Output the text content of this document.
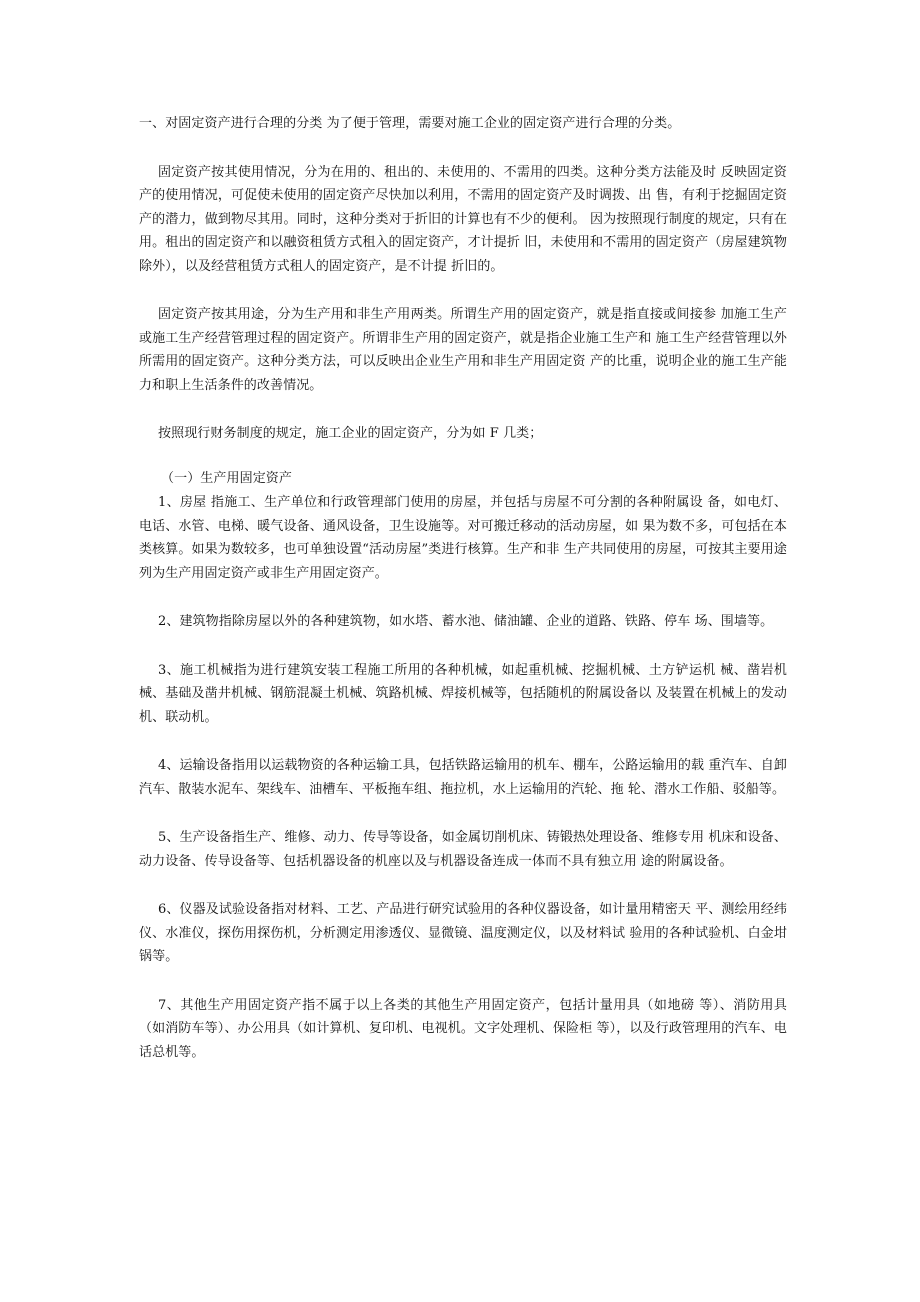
一、对固定资产进行合理的分类 为了便于管理，需要对施工企业的固定资产进行合理的分类。

固定资产按其使用情况，分为在用的、租出的、未使用的、不需用的四类。这种分类方法能及时 反映固定资产的使用情况，可促使未使用的固定资产尽快加以利用，不需用的固定资产及时调拨、出 售，有利于挖掘固定资产的潜力，做到物尽其用。同时，这种分类对于折旧的计算也有不少的便利。 因为按照现行制度的规定，只有在用。租出的固定资产和以融资租赁方式租入的固定资产，才计提折 旧，未使用和不需用的固定资产（房屋建筑物除外），以及经营租赁方式租人的固定资产，是不计提 折旧的。

固定资产按其用途，分为生产用和非生产用两类。所谓生产用的固定资产，就是指直接或间接参 加施工生产或施工生产经营管理过程的固定资产。所谓非生产用的固定资产，就是指企业施工生产和 施工生产经营管理以外所需用的固定资产。这种分类方法，可以反映出企业生产用和非生产用固定资 产的比重，说明企业的施工生产能力和职上生活条件的改善情况。

按照现行财务制度的规定，施工企业的固定资产，分为如 F 几类；

（一）生产用固定资产

1、房屋 指施工、生产单位和行政管理部门使用的房屋，并包括与房屋不可分割的各种附属设 备，如电灯、电话、水管、电梯、暖气设备、通风设备，卫生设施等。对可搬迁移动的活动房屋，如 果为数不多，可包括在本类核算。如果为数较多，也可单独设置“活动房屋”类进行核算。生产和非 生产共同使用的房屋，可按其主要用途列为生产用固定资产或非生产用固定资产。

2、建筑物指除房屋以外的各种建筑物，如水塔、蓄水池、储油罐、企业的道路、铁路、停车 场、围墙等。

3、施工机械指为进行建筑安装工程施工所用的各种机械，如起重机械、挖掘机械、土方铲运机 械、凿岩机械、基础及凿井机械、钢筋混凝土机械、筑路机械、焊接机械等，包括随机的附属设备以 及装置在机械上的发动机、联动机。

4、运输设备指用以运载物资的各种运输工具，包括铁路运输用的机车、棚车，公路运输用的载 重汽车、自卸汽车、散装水泥车、架线车、油槽车、平板拖车组、拖拉机，水上运输用的汽轮、拖 轮、潜水工作船、驳船等。

5、生产设备指生产、维修、动力、传导等设备，如金属切削机床、铸锻热处理设备、维修专用 机床和设备、动力设备、传导设备等、包括机器设备的机座以及与机器设备连成一体而不具有独立用 途的附属设备。

6、仪器及试验设备指对材料、工艺、产品进行研究试验用的各种仪器设备，如计量用精密天 平、测绘用经纬仪、水准仪，探伤用探伤机，分析测定用渗透仪、显微镜、温度测定仪，以及材料试 验用的各种试验机、白金坩锅等。

7、其他生产用固定资产指不属于以上各类的其他生产用固定资产，包括计量用具（如地磅 等）、消防用具（如消防车等）、办公用具（如计算机、复印机、电视机。文字处理机、保险柜 等），以及行政管理用的汽车、电话总机等。
